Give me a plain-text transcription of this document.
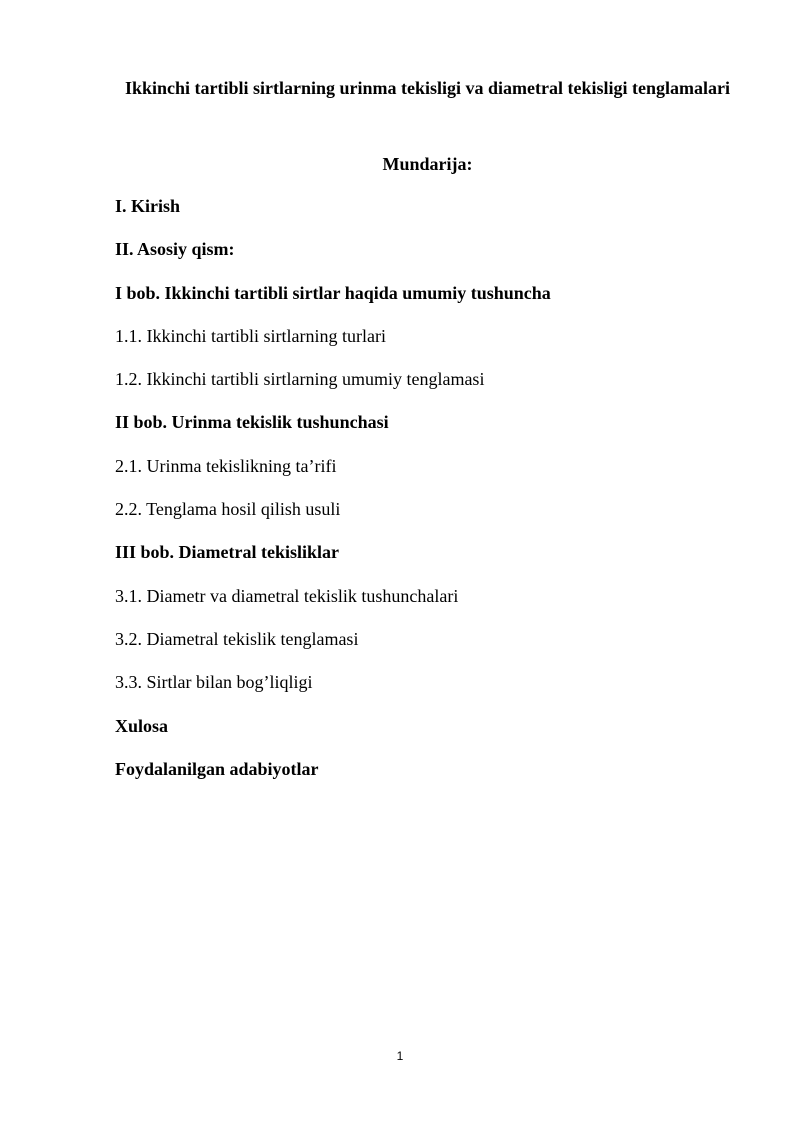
Ikkinchi tartibli sirtlarning urinma tekisligi va diametral tekisligi tenglamalari

Mundarija:

I. Kirish
II. Asosiy qism:
I bob. Ikkinchi tartibli sirtlar haqida umumiy tushuncha
1.1. Ikkinchi tartibli sirtlarning turlari
1.2. Ikkinchi tartibli sirtlarning umumiy tenglamasi
II bob. Urinma tekislik tushunchasi
2.1. Urinma tekislikning ta’rifi
2.2. Tenglama hosil qilish usuli
III bob. Diametral tekisliklar
3.1. Diametr va diametral tekislik tushunchalari
3.2. Diametral tekislik tenglamasi
3.3. Sirtlar bilan bog’liqligi
Xulosa
Foydalanilgan adabiyotlar
1
